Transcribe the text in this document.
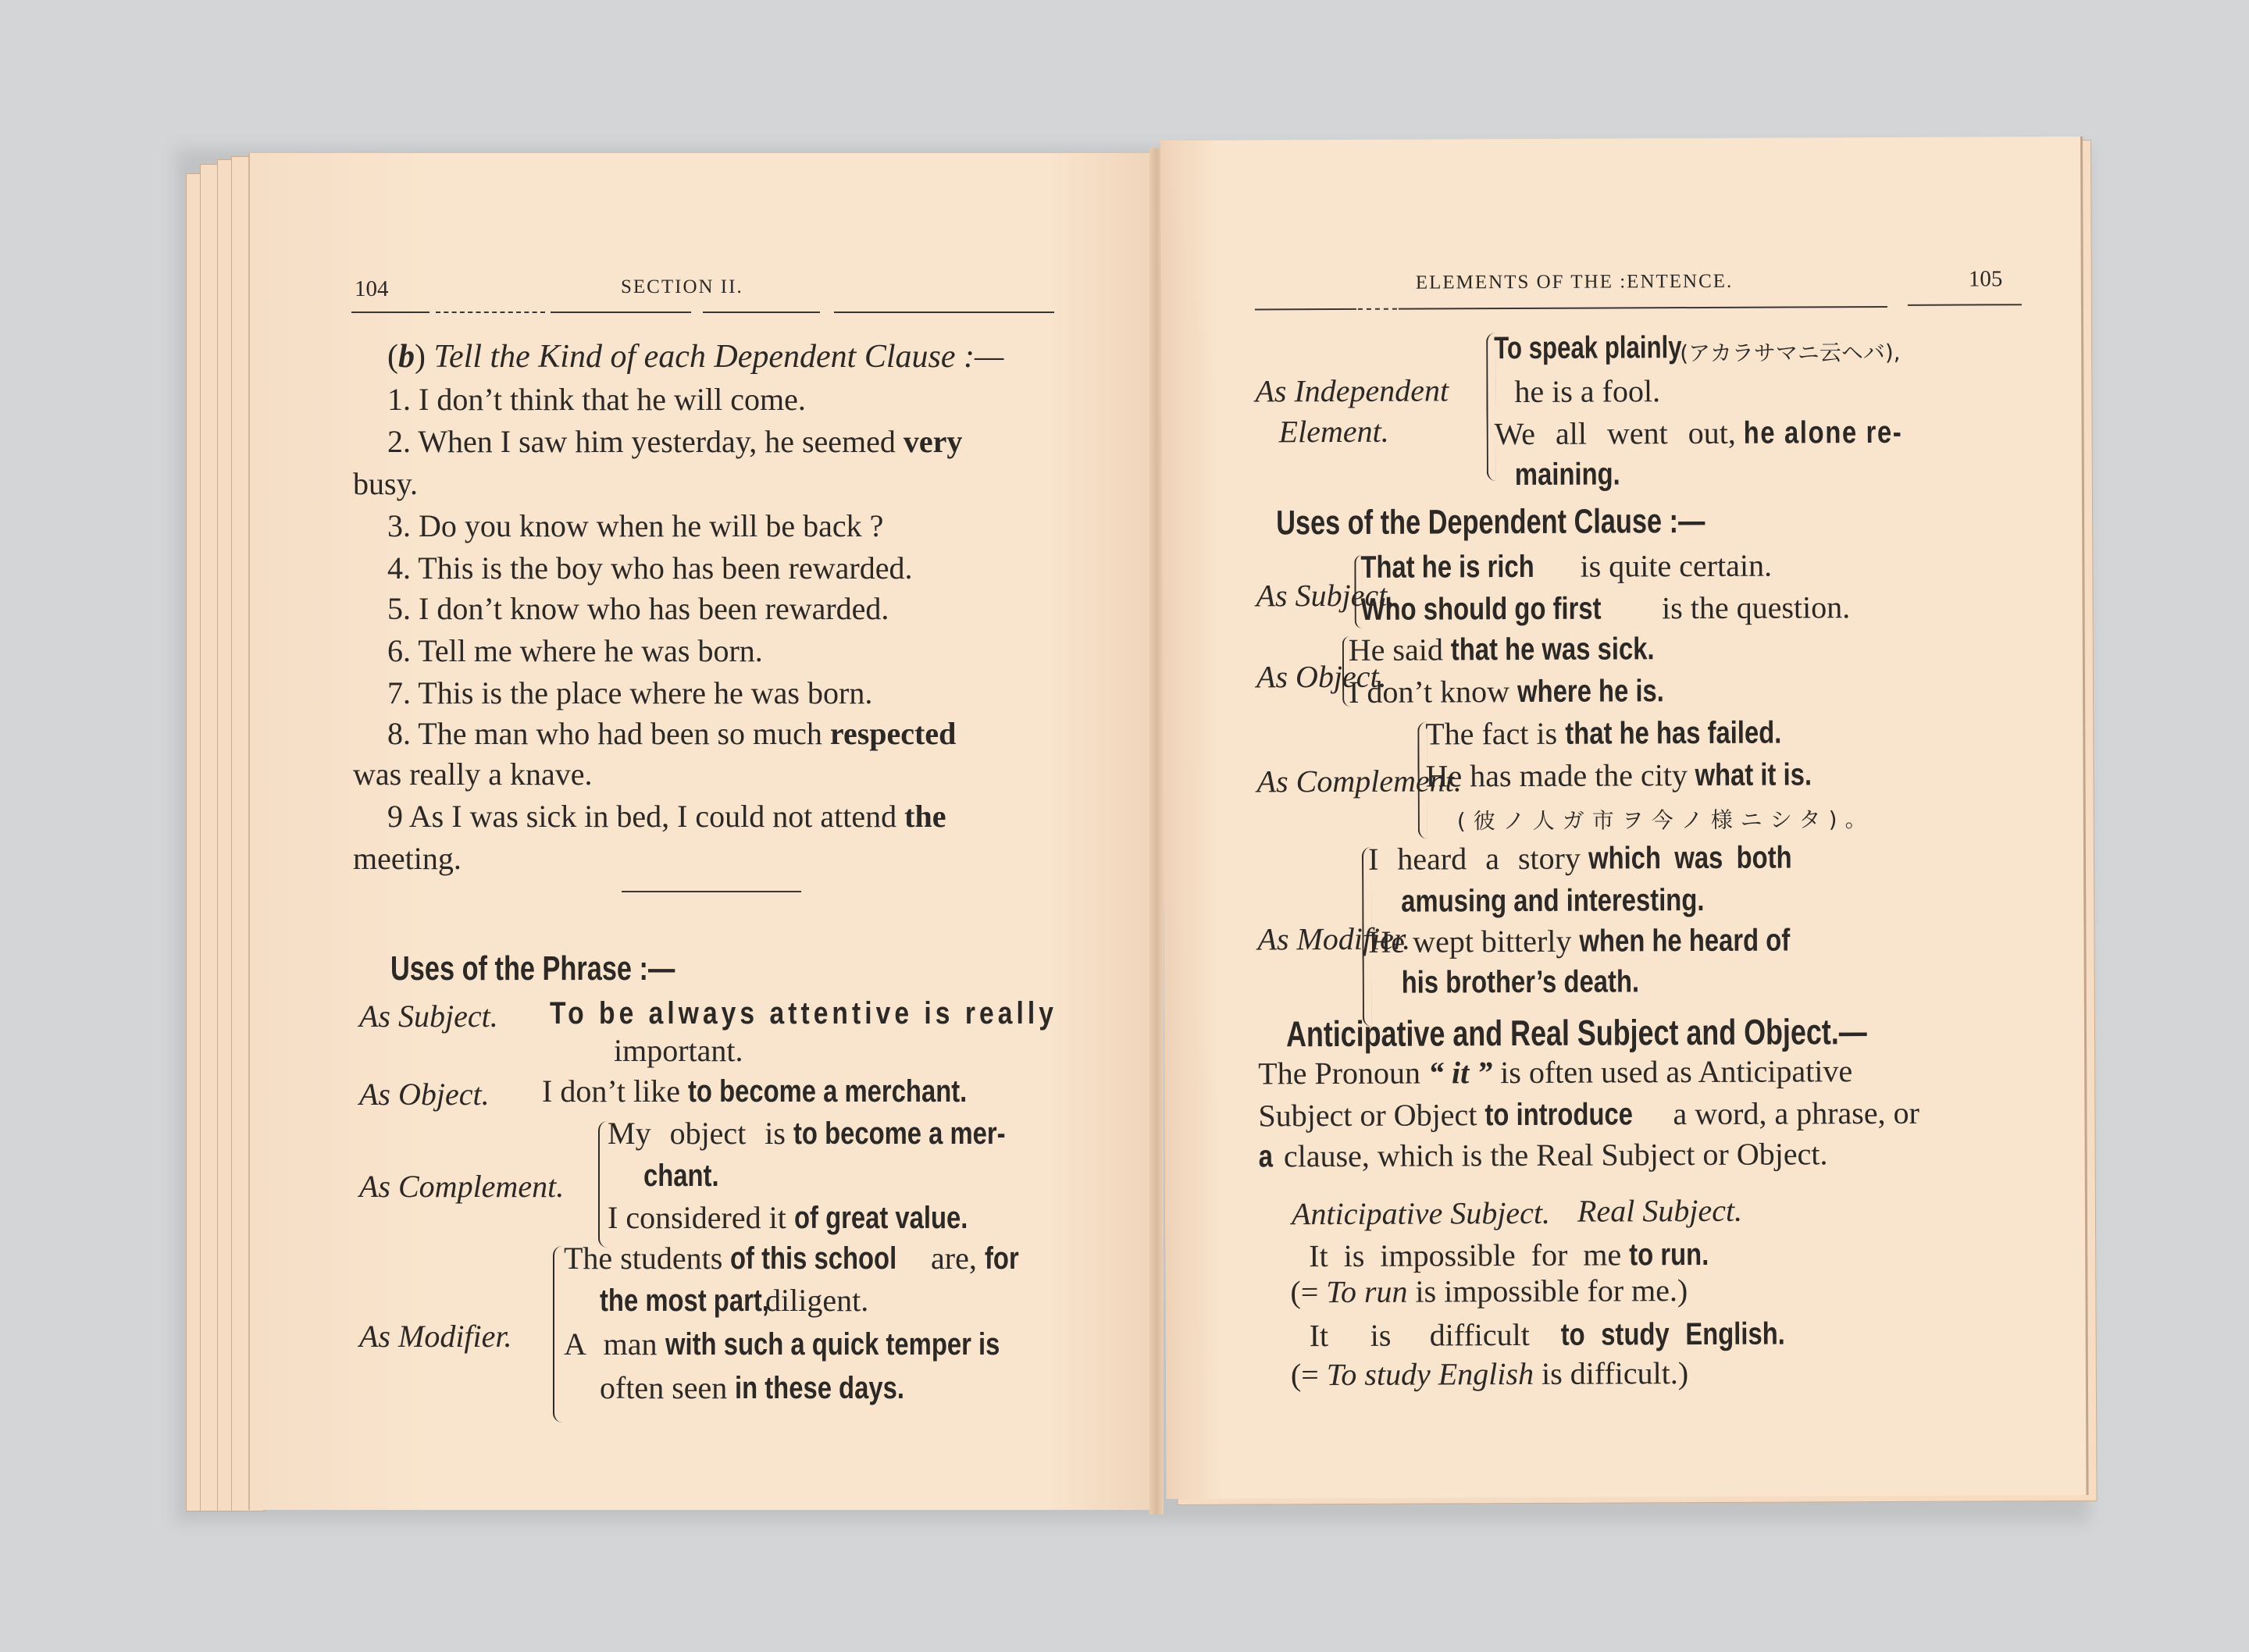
104	SECTION II.
(b) Tell the Kind of each Dependent Clause :—
1. I don’t think that he will come.
2. When I saw him yesterday, he seemed very
busy.
3. Do you know when he will be back ?
4. This is the boy who has been rewarded.
5. I don’t know who has been rewarded.
6. Tell me where he was born.
7. This is the place where he was born.
8. The man who had been so much respected
was really a knave.
9 As I was sick in bed, I could not attend the
meeting.
Uses of the Phrase :—
As Subject. To be always attentive is really
important.
As Object. I don’t like to become a merchant.
As Complement.
My object is to become a mer-
chant.
I considered it of great value.
As Modifier.
The students of this school	are, for
the most part,
diligent.
A man with such a quick temper is
often seen in these days.
ELEMENTS OF THE :ENTENCE.	105
As Independent
Element.
To speak plainly
(アカラサマニ云ヘバ),
he is a fool.
We all went out, he alone re-
maining.
Uses of the Dependent Clause :—
As Subject.
That he is rich is quite certain.
Who should go first is the question.
As Object.
He said that he was sick.
I don’t know where he is.
As Complement.
The fact is that he has failed.
He has made the city what it is.
(彼ノ人ガ市ヲ今ノ様ニシタ)。
As Modifier.
I heard a story which was both
amusing and interesting.
He wept bitterly when he heard of
his brother’s death.
Anticipative and Real Subject and Object.—
The Pronoun “ it ” is often used as Anticipative
Subject or Object to introduce a word, a phrase, or
a clause, which is the Real Subject or Object.
Anticipative Subject. Real Subject.
It is impossible for me to run.
(= To run is impossible for me.)
It is difficult to study English.
(= To study English is difficult.)
